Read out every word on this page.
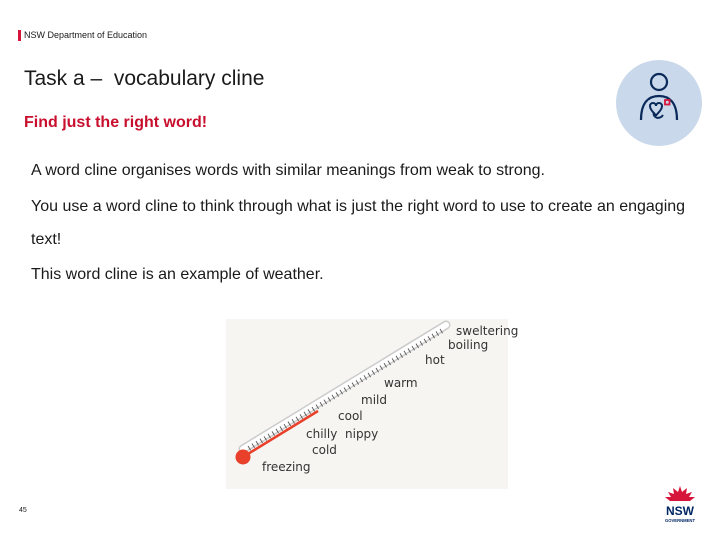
NSW Department of Education
Task a –  vocabulary cline
Find just the right word!
A word cline organises words with similar meanings from weak to strong.
You use a word cline to think through what is just the right word to use to create an engaging text!
This word cline is an example of weather.
sweltering
boiling
hot
warm
mild
cool
chilly nippy
cold
freezing
45	NSW
GOVERNMENT
